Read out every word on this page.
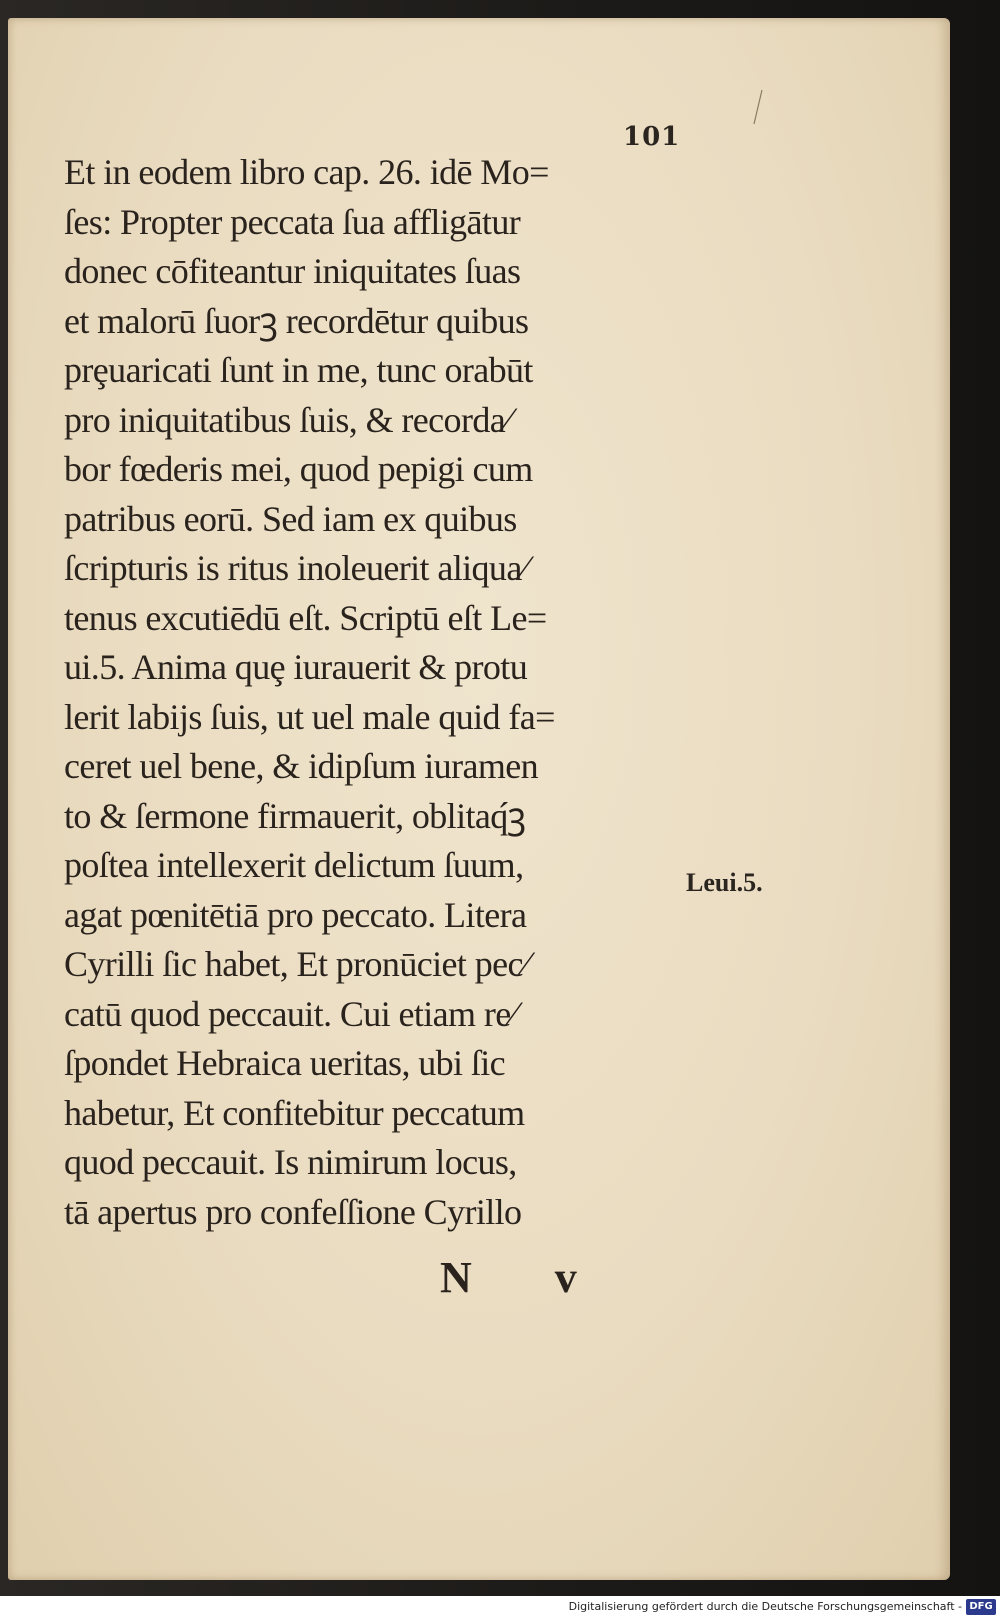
101
Et in eodem libro cap. 26. idē Mo=
ſes: Propter peccata ſua affligātur
donec cōfiteantur iniquitates ſuas
et malorū ſuorꝫ recordētur quibus
prȩuaricati ſunt in me, tunc orabūt
pro iniquitatibus ſuis, & recorda⁄
bor fœderis mei, quod pepigi cum
patribus eorū. Sed iam ex quibus
ſcripturis is ritus inoleuerit aliqua⁄
tenus excutiēdū eſt. Scriptū eſt Le=
ui.5. Anima quȩ iurauerit & protu
lerit labijs ſuis, ut uel male quid fa=
ceret uel bene, & idipſum iuramen
to & ſermone firmauerit, oblitaq́ꝫ
poſtea intellexerit delictum ſuum,
agat pœnitētiā pro peccato. Litera
Cyrilli ſic habet, Et pronūciet pec⁄
catū quod peccauit. Cui etiam re⁄
ſpondet Hebraica ueritas, ubi ſic
habetur, Et confitebitur peccatum
quod peccauit. Is nimirum locus,
tā apertus pro confeſſione Cyrillo
Leui.5.
N v
Digitalisierung gefördert durch die Deutsche Forschungsgemeinschaft - DFG
